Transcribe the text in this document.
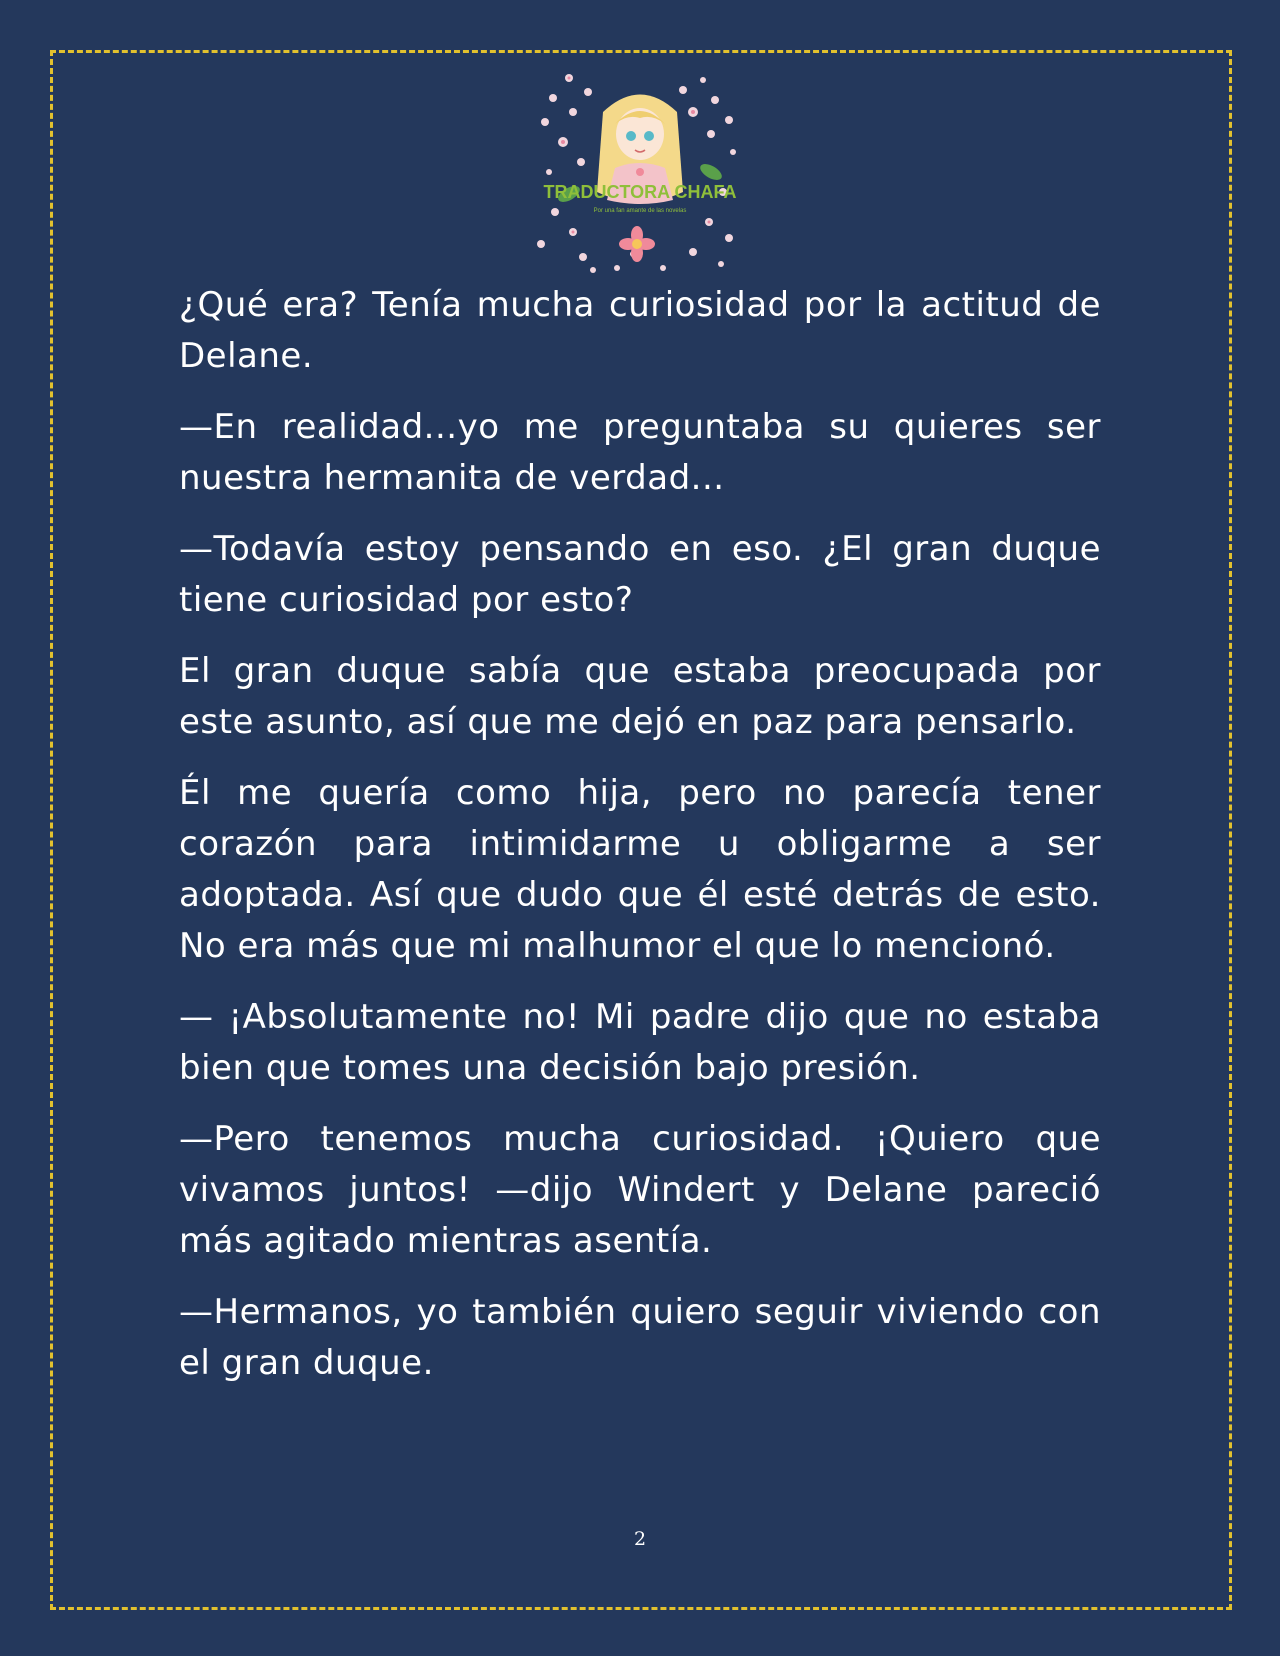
TRADUCTORA CHAFA
Por una fan amante de las novelas

¿Qué era? Tenía mucha curiosidad por la actitud de Delane.

—En realidad...yo me preguntaba su quieres ser nuestra hermanita de verdad...

—Todavía estoy pensando en eso. ¿El gran duque tiene curiosidad por esto?

El gran duque sabía que estaba preocupada por este asunto, así que me dejó en paz para pensarlo.

Él me quería como hija, pero no parecía tener corazón para intimidarme u obligarme a ser adoptada. Así que dudo que él esté detrás de esto. No era más que mi malhumor el que lo mencionó.

— ¡Absolutamente no! Mi padre dijo que no estaba bien que tomes una decisión bajo presión.

—Pero tenemos mucha curiosidad. ¡Quiero que vivamos juntos! —dijo Windert y Delane pareció más agitado mientras asentía.

—Hermanos, yo también quiero seguir viviendo con el gran duque.

2
